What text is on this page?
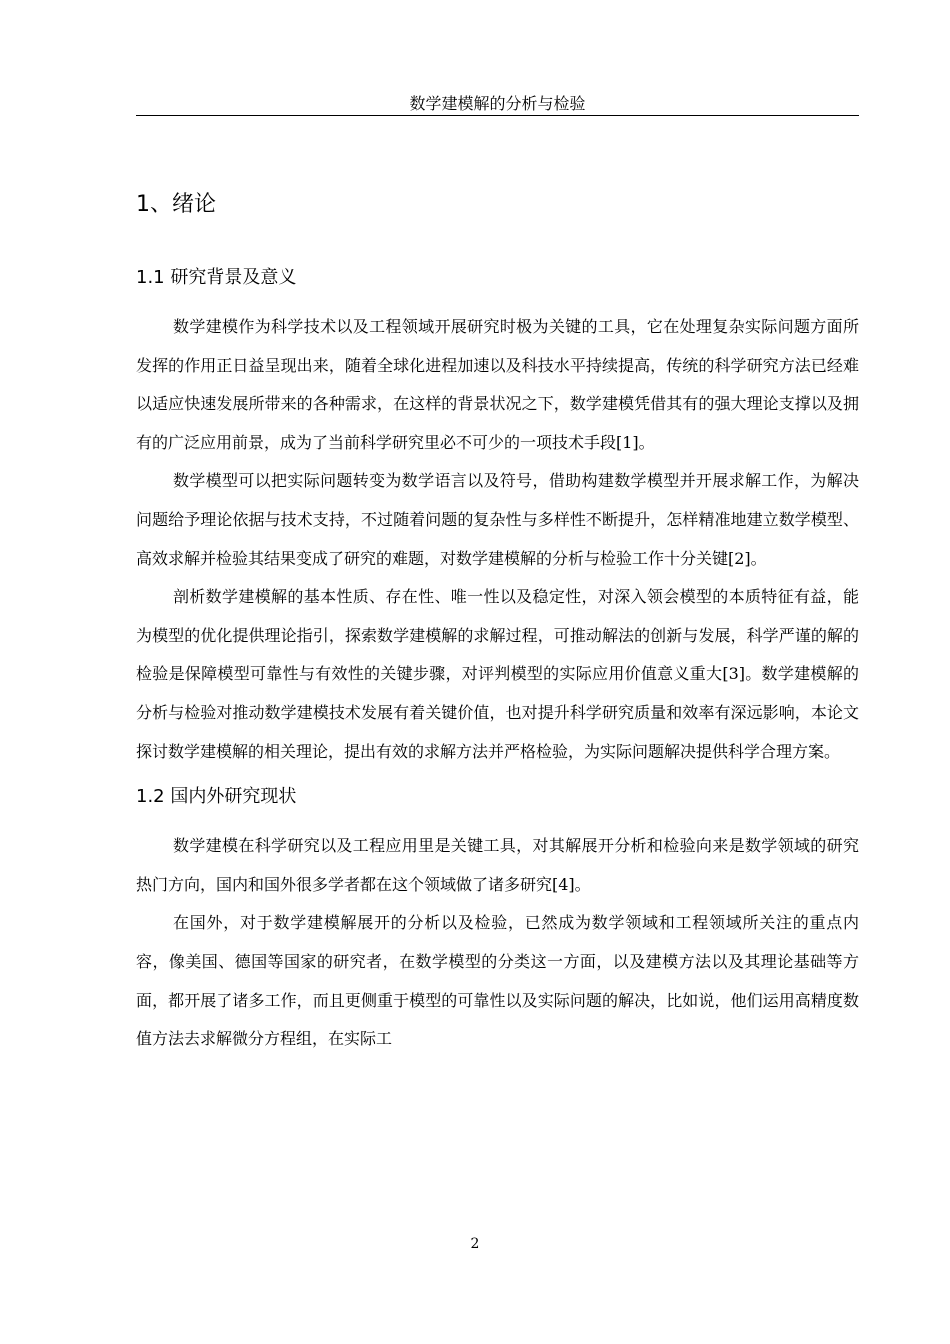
数学建模解的分析与检验
1、绪论
1.1 研究背景及意义

数学建模作为科学技术以及工程领域开展研究时极为关键的工具，它在处理复杂实际问题方面所发挥的作用正日益呈现出来，随着全球化进程加速以及科技水平持续提高，传统的科学研究方法已经难以适应快速发展所带来的各种需求，在这样的背景状况之下，数学建模凭借其有的强大理论支撑以及拥有的广泛应用前景，成为了当前科学研究里必不可少的一项技术手段[1]。

数学模型可以把实际问题转变为数学语言以及符号，借助构建数学模型并开展求解工作，为解决问题给予理论依据与技术支持，不过随着问题的复杂性与多样性不断提升，怎样精准地建立数学模型、高效求解并检验其结果变成了研究的难题，对数学建模解的分析与检验工作十分关键[2]。

剖析数学建模解的基本性质、存在性、唯一性以及稳定性，对深入领会模型的本质特征有益，能为模型的优化提供理论指引，探索数学建模解的求解过程，可推动解法的创新与发展，科学严谨的解的检验是保障模型可靠性与有效性的关键步骤，对评判模型的实际应用价值意义重大[3]。数学建模解的分析与检验对推动数学建模技术发展有着关键价值，也对提升科学研究质量和效率有深远影响，本论文探讨数学建模解的相关理论，提出有效的求解方法并严格检验，为实际问题解决提供科学合理方案。

1.2 国内外研究现状

数学建模在科学研究以及工程应用里是关键工具，对其解展开分析和检验向来是数学领域的研究热门方向，国内和国外很多学者都在这个领域做了诸多研究[4]。

在国外，对于数学建模解展开的分析以及检验，已然成为数学领域和工程领域所关注的重点内容，像美国、德国等国家的研究者，在数学模型的分类这一方面，以及建模方法以及其理论基础等方面，都开展了诸多工作，而且更侧重于模型的可靠性以及实际问题的解决，比如说，他们运用高精度数值方法去求解微分方程组，在实际工

2
